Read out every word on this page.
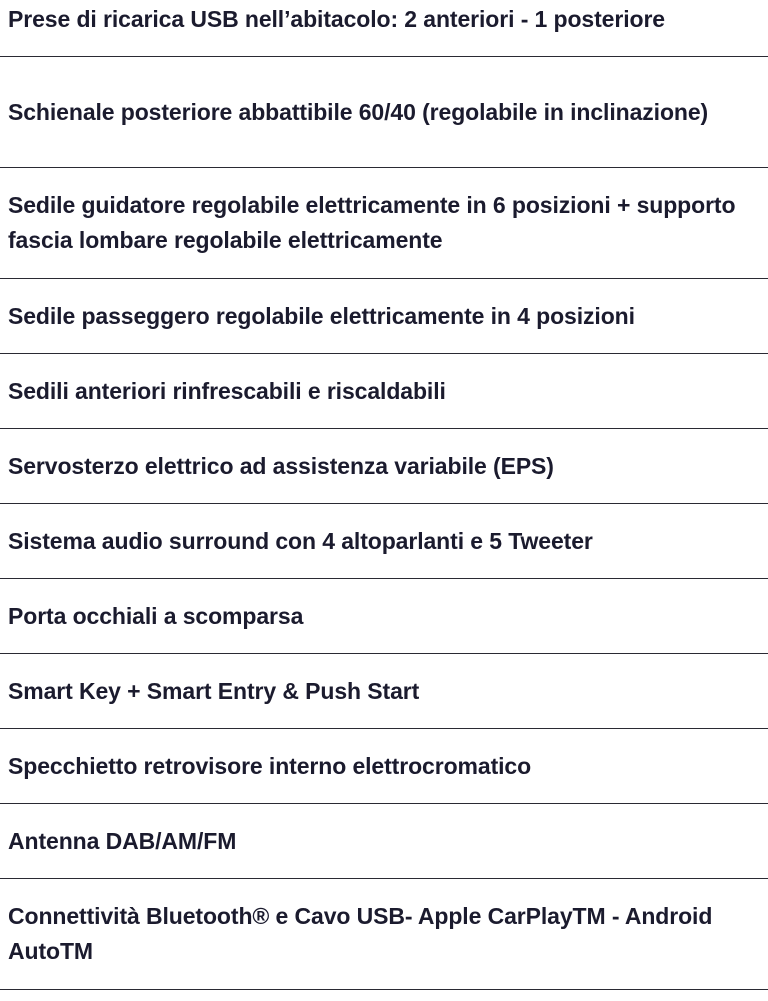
Prese di ricarica USB nell’abitacolo: 2 anteriori - 1 posteriore
Schienale posteriore abbattibile 60/40 (regolabile in inclinazione)
Sedile guidatore regolabile elettricamente in 6 posizioni + supporto fascia lombare regolabile elettricamente
Sedile passeggero regolabile elettricamente in 4 posizioni
Sedili anteriori rinfrescabili e riscaldabili
Servosterzo elettrico ad assistenza variabile (EPS)
Sistema audio surround con 4 altoparlanti e 5 Tweeter
Porta occhiali a scomparsa
Smart Key + Smart Entry & Push Start
Specchietto retrovisore interno elettrocromatico
Antenna DAB/AM/FM
Connettività Bluetooth® e Cavo USB- Apple CarPlayTM - Android AutoTM
